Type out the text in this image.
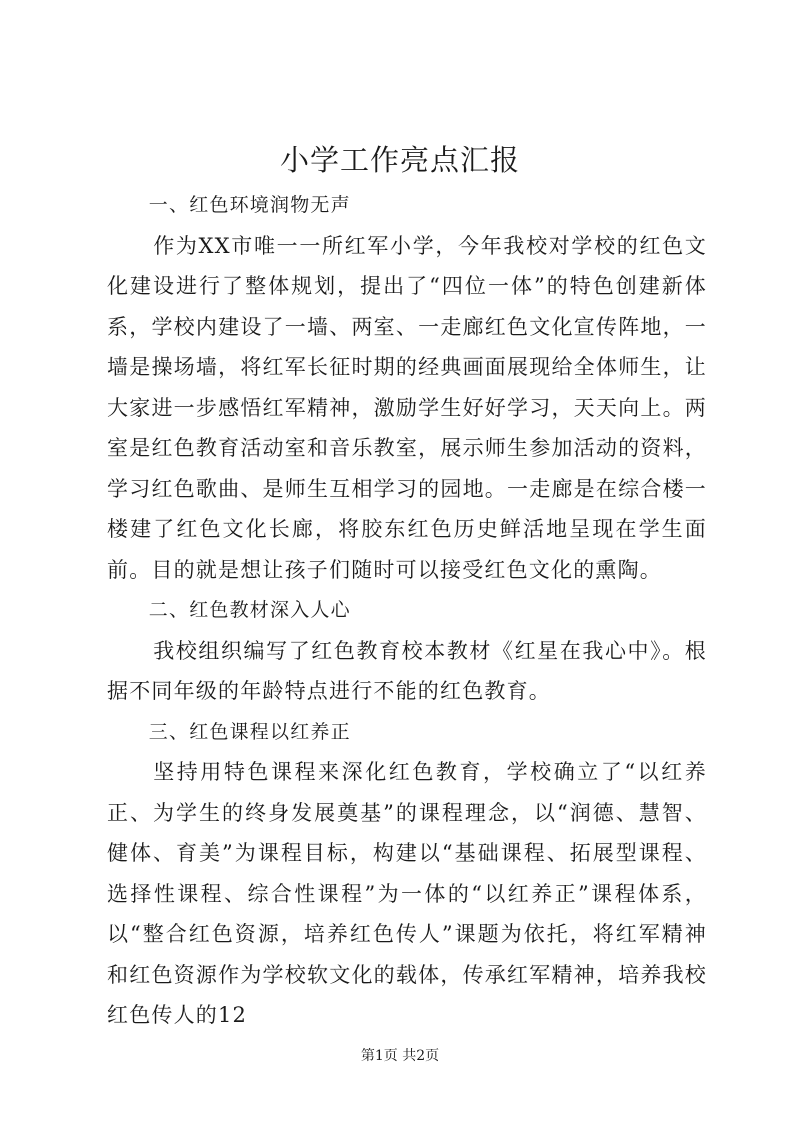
小学工作亮点汇报

一、红色环境润物无声

作为XX市唯一一所红军小学，今年我校对学校的红色文化建设进行了整体规划，提出了“四位一体”的特色创建新体系，学校内建设了一墙、两室、一走廊红色文化宣传阵地，一墙是操场墙，将红军长征时期的经典画面展现给全体师生，让大家进一步感悟红军精神，激励学生好好学习，天天向上。两室是红色教育活动室和音乐教室，展示师生参加活动的资料，学习红色歌曲、是师生互相学习的园地。一走廊是在综合楼一楼建了红色文化长廊，将胶东红色历史鲜活地呈现在学生面前。目的就是想让孩子们随时可以接受红色文化的熏陶。

二、红色教材深入人心

我校组织编写了红色教育校本教材《红星在我心中》。根据不同年级的年龄特点进行不能的红色教育。

三、红色课程以红养正

坚持用特色课程来深化红色教育，学校确立了“以红养正、为学生的终身发展奠基”的课程理念，以“润德、慧智、健体、育美”为课程目标，构建以“基础课程、拓展型课程、选择性课程、综合性课程”为一体的“以红养正”课程体系，以“整合红色资源，培养红色传人”课题为依托，将红军精神和红色资源作为学校软文化的载体，传承红军精神，培养我校红色传人的12

第1页 共2页
